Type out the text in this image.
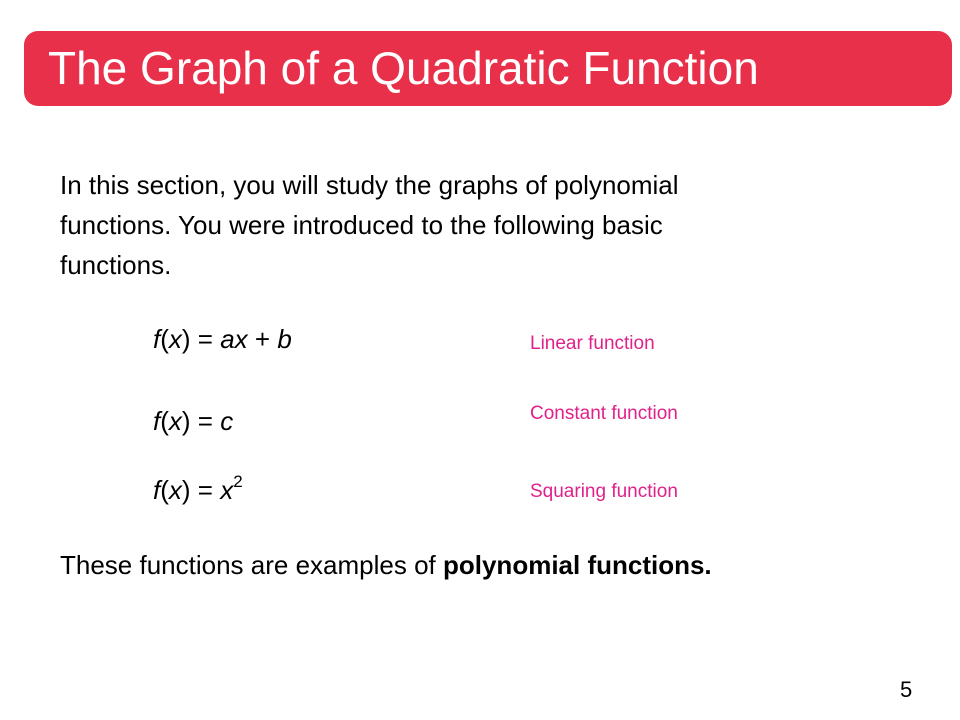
The Graph of a Quadratic Function
In this section, you will study the graphs of polynomial
functions. You were introduced to the following basic
functions.
f(x) = ax + b	Linear function
f(x) = c	Constant function
$f(x) = x^2$	Squaring function
These functions are examples of polynomial functions.
5
